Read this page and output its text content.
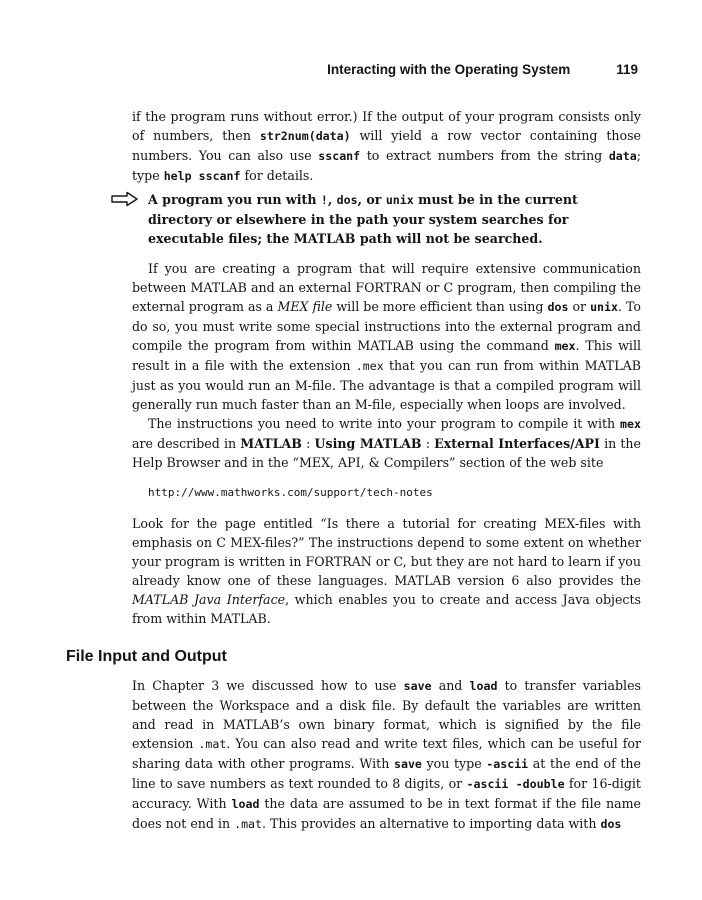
Interacting with the Operating System	119

if the program runs without error.) If the output of your program consists only of numbers, then str2num(data) will yield a row vector containing those numbers. You can also use sscanf to extract numbers from the string data; type help sscanf for details.

A program you run with !, dos, or unix must be in the current directory or elsewhere in the path your system searches for executable files; the MATLAB path will not be searched.

If you are creating a program that will require extensive communication between MATLAB and an external FORTRAN or C program, then compiling the external program as a MEX file will be more efficient than using dos or unix. To do so, you must write some special instructions into the external program and compile the program from within MATLAB using the command mex. This will result in a file with the extension .mex that you can run from within MATLAB just as you would run an M-file. The advantage is that a compiled program will generally run much faster than an M-file, especially when loops are involved.

The instructions you need to write into your program to compile it with mex are described in MATLAB : Using MATLAB : External Interfaces/API in the Help Browser and in the “MEX, API, & Compilers” section of the web site

http://www.mathworks.com/support/tech-notes

Look for the page entitled “Is there a tutorial for creating MEX-files with emphasis on C MEX-files?” The instructions depend to some extent on whether your program is written in FORTRAN or C, but they are not hard to learn if you already know one of these languages. MATLAB version 6 also provides the MATLAB Java Interface, which enables you to create and access Java objects from within MATLAB.

File Input and Output

In Chapter 3 we discussed how to use save and load to transfer variables between the Workspace and a disk file. By default the variables are written and read in MATLAB’s own binary format, which is signified by the file extension .mat. You can also read and write text files, which can be useful for sharing data with other programs. With save you type -ascii at the end of the line to save numbers as text rounded to 8 digits, or -ascii -double for 16-digit accuracy. With load the data are assumed to be in text format if the file name does not end in .mat. This provides an alternative to importing data with dos
